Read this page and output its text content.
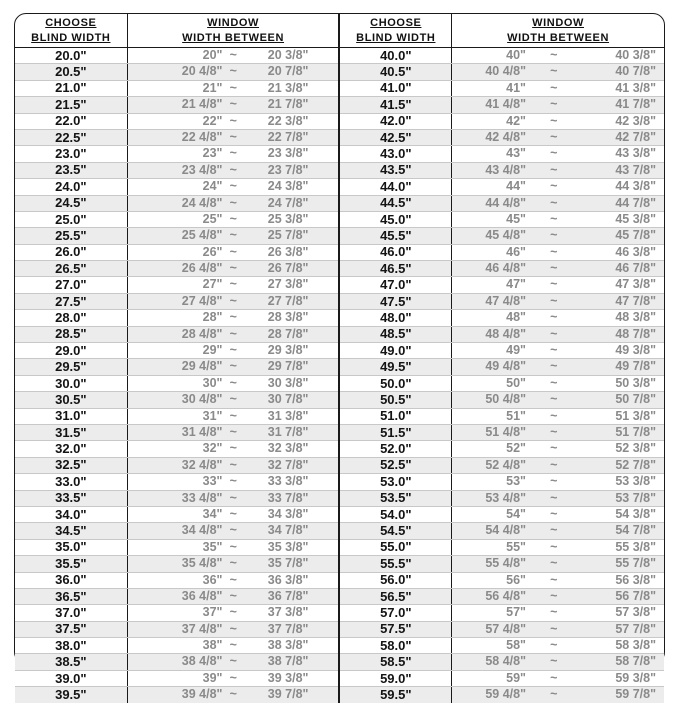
CHOOSE
BLIND WIDTH	WINDOW
WIDTH BETWEEN	CHOOSE
BLIND WIDTH	WINDOW
WIDTH BETWEEN
20.0"	20" ~ 20 3/8"	40.0"	40" ~ 40 3/8"

20.5"	20 4/8" ~ 20 7/8"	40.5"	40 4/8" ~ 40 7/8"

21.0"	21" ~ 21 3/8"	41.0"	41" ~ 41 3/8"

21.5"	21 4/8" ~ 21 7/8"	41.5"	41 4/8" ~ 41 7/8"

22.0"	22" ~ 22 3/8"	42.0"	42" ~ 42 3/8"

22.5"	22 4/8" ~ 22 7/8"	42.5"	42 4/8" ~ 42 7/8"

23.0"	23" ~ 23 3/8"	43.0"	43" ~ 43 3/8"

23.5"	23 4/8" ~ 23 7/8"	43.5"	43 4/8" ~ 43 7/8"

24.0"	24" ~ 24 3/8"	44.0"	44" ~ 44 3/8"

24.5"	24 4/8" ~ 24 7/8"	44.5"	44 4/8" ~ 44 7/8"

25.0"	25" ~ 25 3/8"	45.0"	45" ~ 45 3/8"

25.5"	25 4/8" ~ 25 7/8"	45.5"	45 4/8" ~ 45 7/8"

26.0"	26" ~ 26 3/8"	46.0"	46" ~ 46 3/8"

26.5"	26 4/8" ~ 26 7/8"	46.5"	46 4/8" ~ 46 7/8"

27.0"	27" ~ 27 3/8"	47.0"	47" ~ 47 3/8"

27.5"	27 4/8" ~ 27 7/8"	47.5"	47 4/8" ~ 47 7/8"

28.0"	28" ~ 28 3/8"	48.0"	48" ~ 48 3/8"

28.5"	28 4/8" ~ 28 7/8"	48.5"	48 4/8" ~ 48 7/8"

29.0"	29" ~ 29 3/8"	49.0"	49" ~ 49 3/8"

29.5"	29 4/8" ~ 29 7/8"	49.5"	49 4/8" ~ 49 7/8"

30.0"	30" ~ 30 3/8"	50.0"	50" ~ 50 3/8"

30.5"	30 4/8" ~ 30 7/8"	50.5"	50 4/8" ~ 50 7/8"

31.0"	31" ~ 31 3/8"	51.0"	51" ~ 51 3/8"

31.5"	31 4/8" ~ 31 7/8"	51.5"	51 4/8" ~ 51 7/8"

32.0"	32" ~ 32 3/8"	52.0"	52" ~ 52 3/8"

32.5"	32 4/8" ~ 32 7/8"	52.5"	52 4/8" ~ 52 7/8"

33.0"	33" ~ 33 3/8"	53.0"	53" ~ 53 3/8"

33.5"	33 4/8" ~ 33 7/8"	53.5"	53 4/8" ~ 53 7/8"

34.0"	34" ~ 34 3/8"	54.0"	54" ~ 54 3/8"

34.5"	34 4/8" ~ 34 7/8"	54.5"	54 4/8" ~ 54 7/8"

35.0"	35" ~ 35 3/8"	55.0"	55" ~ 55 3/8"

35.5"	35 4/8" ~ 35 7/8"	55.5"	55 4/8" ~ 55 7/8"

36.0"	36" ~ 36 3/8"	56.0"	56" ~ 56 3/8"

36.5"	36 4/8" ~ 36 7/8"	56.5"	56 4/8" ~ 56 7/8"

37.0"	37" ~ 37 3/8"	57.0"	57" ~ 57 3/8"

37.5"	37 4/8" ~ 37 7/8"	57.5"	57 4/8" ~ 57 7/8"

38.0"	38" ~ 38 3/8"	58.0"	58" ~ 58 3/8"

38.5"	38 4/8" ~ 38 7/8"	58.5"	58 4/8" ~ 58 7/8"

39.0"	39" ~ 39 3/8"	59.0"	59" ~ 59 3/8"

39.5"	39 4/8" ~ 39 7/8"	59.5"	59 4/8" ~ 59 7/8"
